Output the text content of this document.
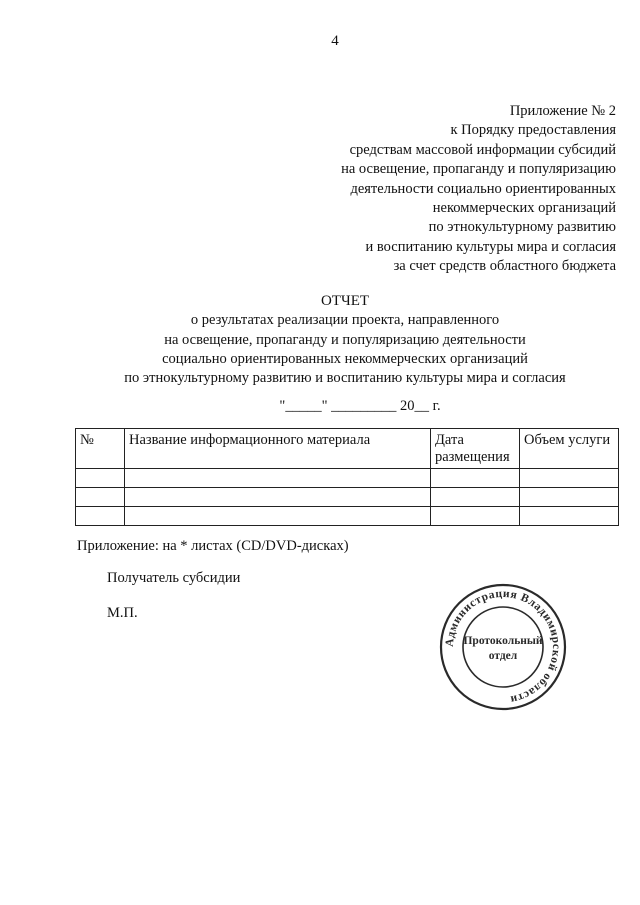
4
Приложение № 2
к Порядку предоставления
средствам массовой информации субсидий
на освещение, пропаганду и популяризацию
деятельности социально ориентированных
некоммерческих организаций
по этнокультурному развитию
и воспитанию культуры мира и согласия
за счет средств областного бюджета
ОТЧЕТ
о результатах реализации проекта, направленного
на освещение, пропаганду и популяризацию деятельности
социально ориентированных некоммерческих организаций
по этнокультурному развитию и воспитанию культуры мира и согласия
"_____" _________ 20__ г.
№	Название информационного материала	Дата размещения	Объем услуги

Приложение: на * листах (CD/DVD-дисках)
Получатель субсидии
М.П.
Администрация Владимирской области
Протокольный
отдел
